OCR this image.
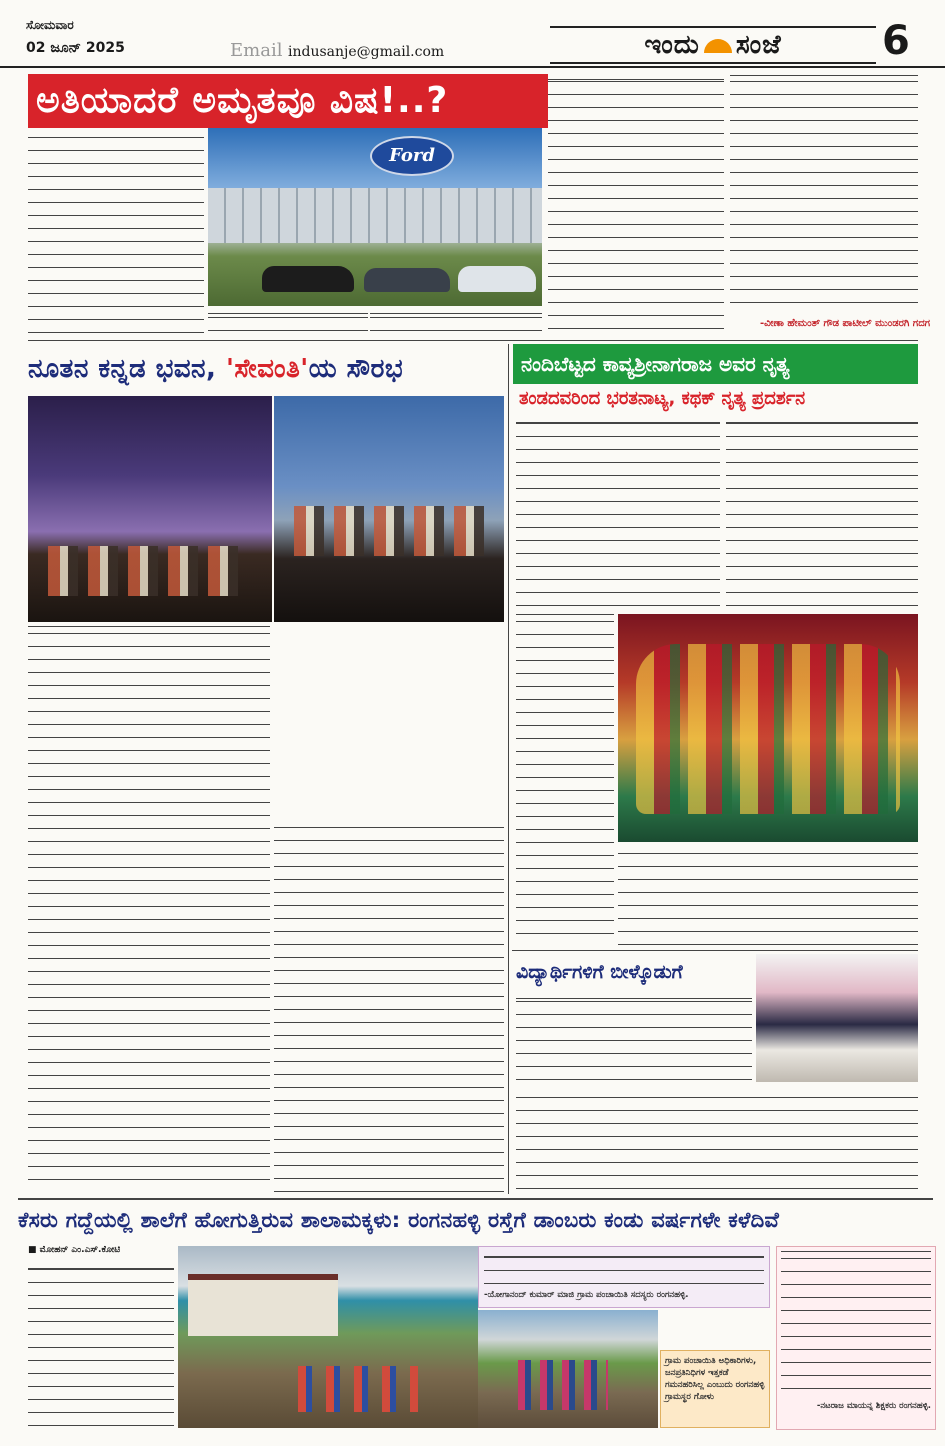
ಸೋಮವಾರ
02 ಜೂನ್ 2025	Email indusanje@gmail.com	ಇಂದು ಸಂಜೆ	6
ಅತಿಯಾದರೆ ಅಮೃತವೂ ವಿಷ!..?
Ford
-ವೀಣಾ ಹೇಮಂತ್ ಗೌಡ ಪಾಟೀಲ್ ಮುಂಡರಗಿ ಗದಗ
ನೂತನ ಕನ್ನಡ ಭವನ, 'ಸೇವಂತಿ'ಯ ಸೌರಭ	ನಂದಿಬೆಟ್ಟದ ಕಾವ್ಯಶ್ರೀನಾಗರಾಜ ಅವರ ನೃತ್ಯ
ತಂಡದವರಿಂದ ಭರತನಾಟ್ಯ, ಕಥಕ್ ನೃತ್ಯ ಪ್ರದರ್ಶನ
ವಿದ್ಯಾರ್ಥಿಗಳಿಗೆ ಬೀಳ್ಕೊಡುಗೆ
ಕೆಸರು ಗದ್ದೆಯಲ್ಲಿ ಶಾಲೆಗೆ ಹೋಗುತ್ತಿರುವ ಶಾಲಾಮಕ್ಕಳು: ರಂಗನಹಳ್ಳಿ ರಸ್ತೆಗೆ ಡಾಂಬರು ಕಂಡು ವರ್ಷಗಳೇ ಕಳೆದಿವೆ
■ ಮೋಹನ್ ಎಂ.ಎಸ್.ಕೋಟಿ
-ಯೋಗಾನಂದ್ ಕುಮಾರ್ ಮಾಜಿ ಗ್ರಾಮ ಪಂಚಾಯಿತಿ ಸದಸ್ಯರು ರಂಗನಹಳ್ಳಿ.
ಗ್ರಾಮ ಪಂಚಾಯಿತಿ ಅಧಿಕಾರಿಗಳು, ಜನಪ್ರತಿನಿಧಿಗಳ ಇತ್ತಕಡೆ ಗಮನಹರಿಸಿಲ್ಲ ಎಂಬುದು ರಂಗನಹಳ್ಳಿ ಗ್ರಾಮಸ್ಥರ ಗೋಳು
-ನಟರಾಜ ಮಾಯನ್ನ ಶಿಕ್ಷಕರು ರಂಗನಹಳ್ಳಿ.
